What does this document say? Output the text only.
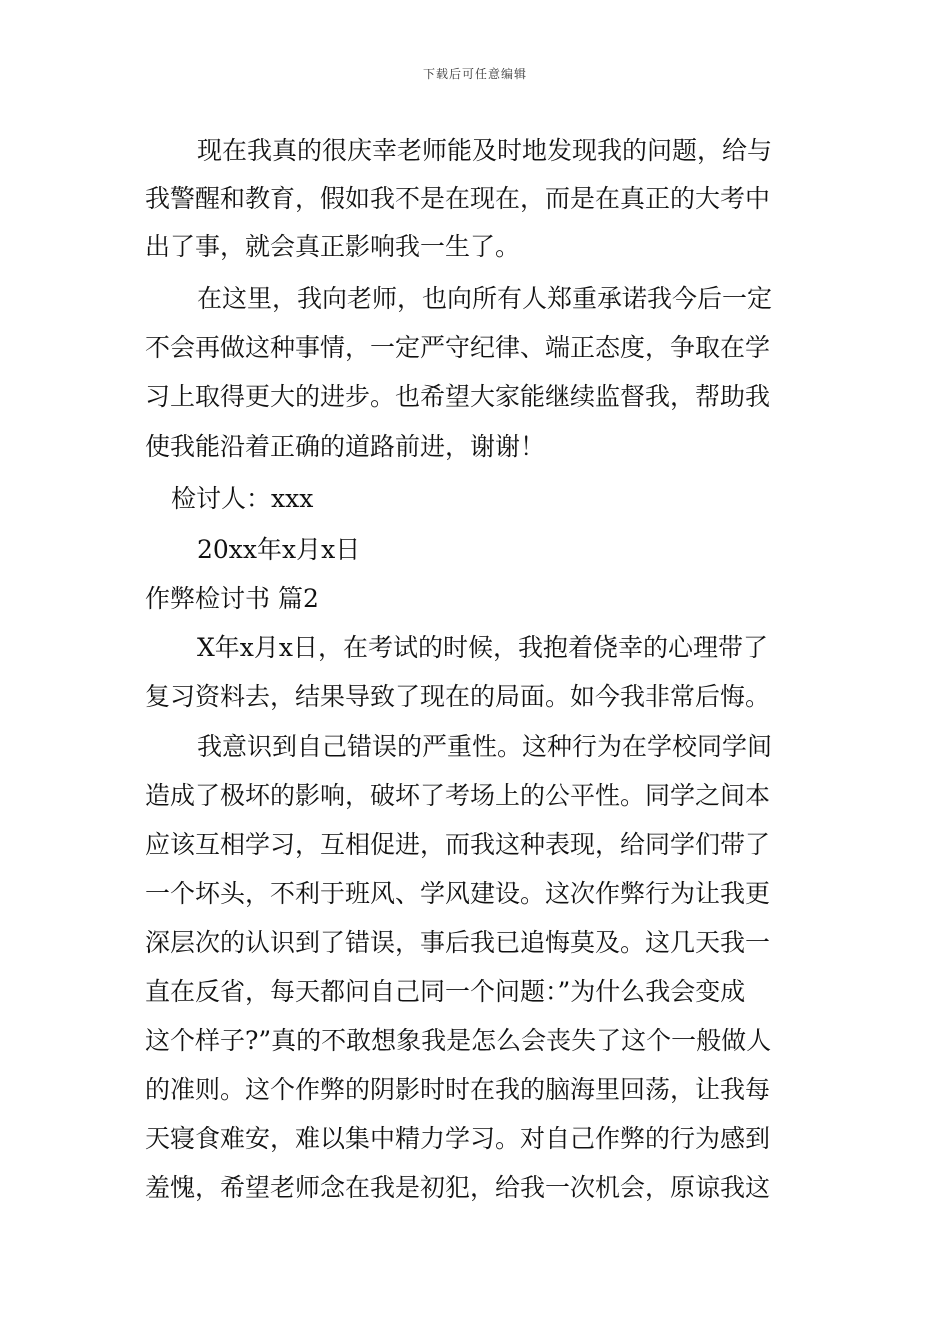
下载后可任意编辑
现在我真的很庆幸老师能及时地发现我的问题，给与
我警醒和教育，假如我不是在现在，而是在真正的大考中
出了事，就会真正影响我一生了。
在这里，我向老师，也向所有人郑重承诺我今后一定
不会再做这种事情，一定严守纪律、端正态度，争取在学
习上取得更大的进步。也希望大家能继续监督我，帮助我
使我能沿着正确的道路前进，谢谢！
检讨人：xxx
20xx年x月x日
作弊检讨书 篇2
X年x月x日，在考试的时候，我抱着侥幸的心理带了
复习资料去，结果导致了现在的局面。如今我非常后悔。
我意识到自己错误的严重性。这种行为在学校同学间
造成了极坏的影响，破坏了考场上的公平性。同学之间本
应该互相学习，互相促进，而我这种表现，给同学们带了
一个坏头，不利于班风、学风建设。这次作弊行为让我更
深层次的认识到了错误，事后我已追悔莫及。这几天我一
直在反省，每天都问自己同一个问题：”为什么我会变成
这个样子?”真的不敢想象我是怎么会丧失了这个一般做人
的准则。这个作弊的阴影时时在我的脑海里回荡，让我每
天寝食难安，难以集中精力学习。对自己作弊的行为感到
羞愧，希望老师念在我是初犯，给我一次机会，原谅我这
